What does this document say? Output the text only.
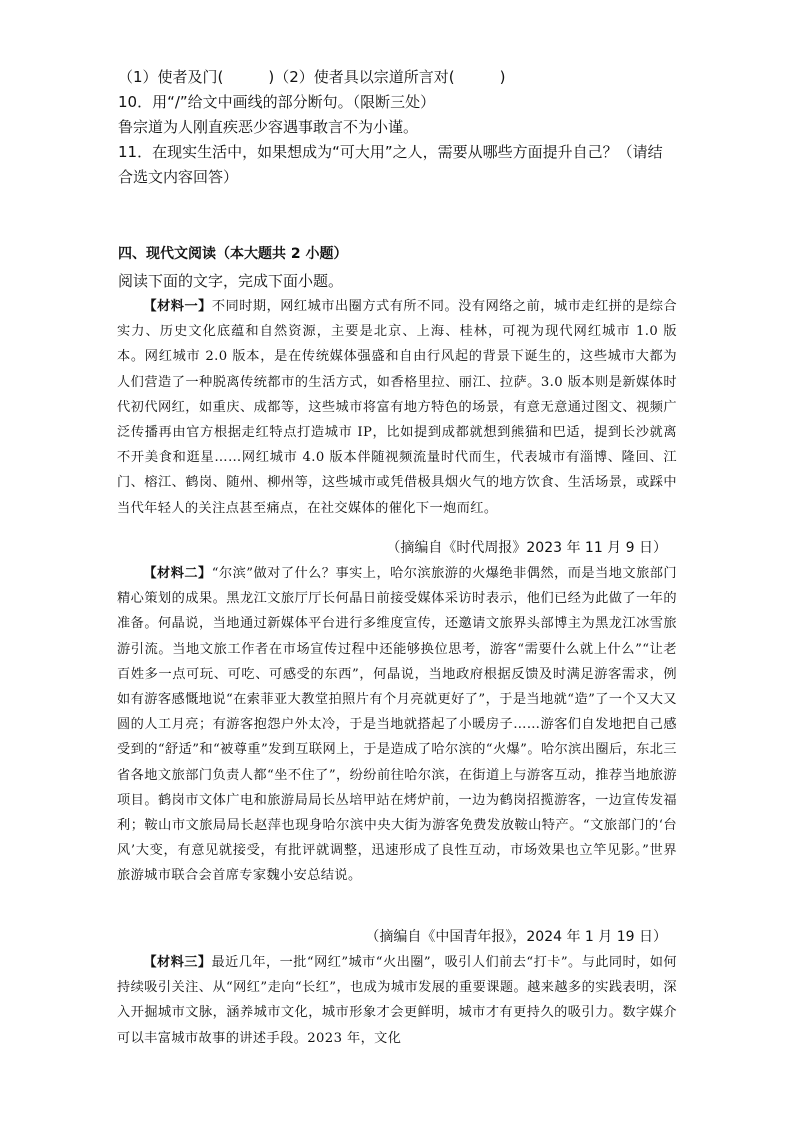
（1）使者及门(　　　)（2）使者具以宗道所言对(　　　)
10．用“/”给文中画线的部分断句。（限断三处）
鲁宗道为人刚直疾恶少容遇事敢言不为小谨。
11．在现实生活中，如果想成为“可大用”之人，需要从哪些方面提升自己？（请结
合选文内容回答）
四、现代文阅读（本大题共 2 小题）
阅读下面的文字，完成下面小题。

【材料一】不同时期，网红城市出圈方式有所不同。没有网络之前，城市走红拼的是综合实力、历史文化底蕴和自然资源，主要是北京、上海、桂林，可视为现代网红城市 1.0 版本。网红城市 2.0 版本，是在传统媒体强盛和自由行风起的背景下诞生的，这些城市大都为人们营造了一种脱离传统都市的生活方式，如香格里拉、丽江、拉萨。3.0 版本则是新媒体时代初代网红，如重庆、成都等，这些城市将富有地方特色的场景，有意无意通过图文、视频广泛传播再由官方根据走红特点打造城市 IP，比如提到成都就想到熊猫和巴适，提到长沙就离不开美食和逛星……网红城市 4.0 版本伴随视频流量时代而生，代表城市有淄博、隆回、江门、榕江、鹤岗、随州、柳州等，这些城市或凭借极具烟火气的地方饮食、生活场景，或踩中当代年轻人的关注点甚至痛点，在社交媒体的催化下一炮而红。

（摘编自《时代周报》2023 年 11 月 9 日）

【材料二】“尔滨”做对了什么？事实上，哈尔滨旅游的火爆绝非偶然，而是当地文旅部门精心策划的成果。黑龙江文旅厅厅长何晶日前接受媒体采访时表示，他们已经为此做了一年的准备。何晶说，当地通过新媒体平台进行多维度宣传，还邀请文旅界头部博主为黑龙江冰雪旅游引流。当地文旅工作者在市场宣传过程中还能够换位思考，游客“需要什么就上什么”“让老百姓多一点可玩、可吃、可感受的东西”，何晶说，当地政府根据反馈及时满足游客需求，例如有游客感慨地说“在索菲亚大教堂拍照片有个月亮就更好了”，于是当地就“造”了一个又大又圆的人工月亮；有游客抱怨户外太冷，于是当地就搭起了小暖房子……游客们自发地把自己感受到的“舒适”和“被尊重”发到互联网上，于是造成了哈尔滨的“火爆”。哈尔滨出圈后，东北三省各地文旅部门负责人都“坐不住了”，纷纷前往哈尔滨，在街道上与游客互动，推荐当地旅游项目。鹤岗市文体广电和旅游局局长丛培甲站在烤炉前，一边为鹤岗招揽游客，一边宣传发福利；鞍山市文旅局局长赵萍也现身哈尔滨中央大街为游客免费发放鞍山特产。“文旅部门的‘台风’大变，有意见就接受，有批评就调整，迅速形成了良性互动，市场效果也立竿见影。”世界旅游城市联合会首席专家魏小安总结说。

（摘编自《中国青年报》，2024 年 1 月 19 日）

【材料三】最近几年，一批“网红”城市“火出圈”，吸引人们前去“打卡”。与此同时，如何持续吸引关注、从“网红”走向“长红”，也成为城市发展的重要课题。越来越多的实践表明，深入开掘城市文脉，涵养城市文化，城市形象才会更鲜明，城市才有更持久的吸引力。数字媒介可以丰富城市故事的讲述手段。2023 年，文化
